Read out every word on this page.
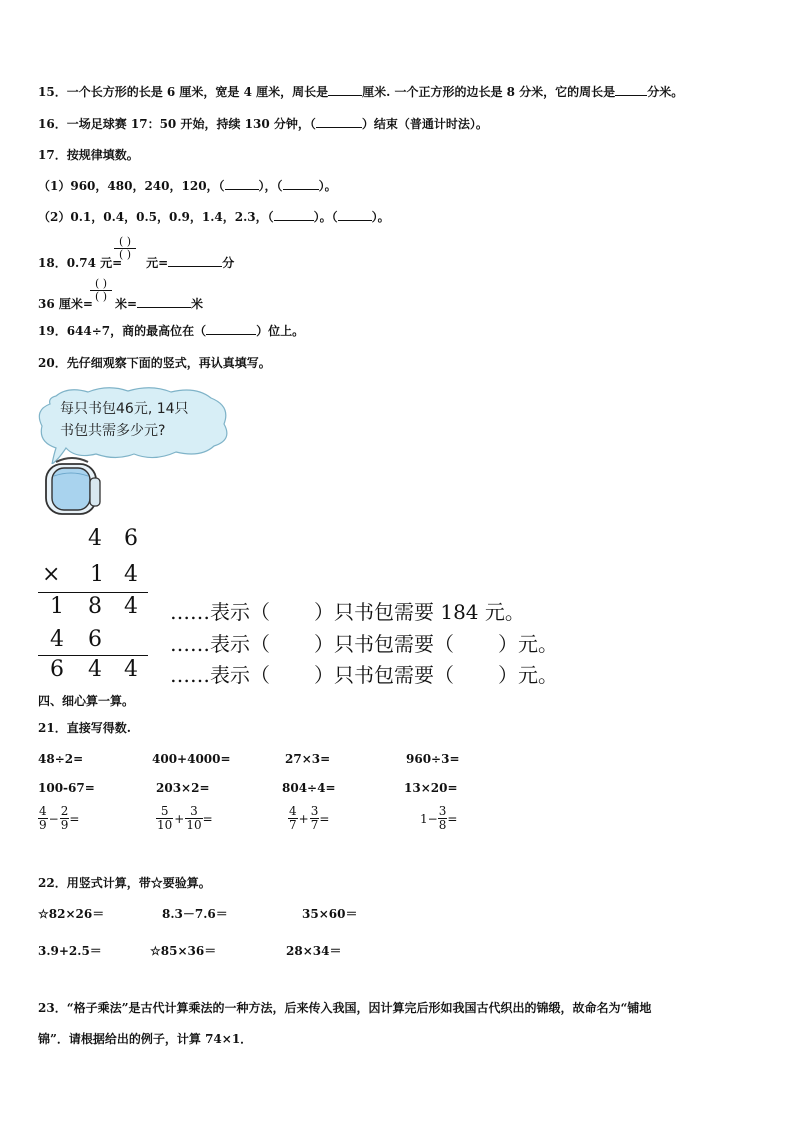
15．一个长方形的长是 6 厘米，宽是 4 厘米，周长是	厘米. 一个正方形的边长是 8 分米，它的周长是	分米。
16．一场足球赛 17：50 开始，持续 130 分钟，（	）结束（普通计时法）。
17．按规律填数。
（1）960，480，240，120，（	），（	）。
（2）0.1，0.4，0.5，0.9，1.4，2.3，（	）。（	）。
( )
( )
18．0.74 元= 元=	分
( )
( )
36 厘米= 米=	米
19．644÷7，商的最高位在（	）位上。
20．先仔细观察下面的竖式，再认真填写。
每只书包46元, 14只
书包共需多少元?
4 6
× 1 4
1 8 4
4 6
6 4 4
……表示（ ）只书包需要 184 元。
……表示（ ）只书包需要（ ）元。
……表示（ ）只书包需要（ ）元。
四、细心算一算。
21．直接写得数.
48÷2=	400+4000=	27×3=	960÷3=
100-67=	203×2=	804÷4=	13×20=
$\frac{4}{9} - \frac{2}{9}$ =	$\frac{5}{10} + \frac{3}{10}$ =	$\frac{4}{7} + \frac{3}{7}$ =	$1- \frac{3}{8}$ =
22．用竖式计算，带☆要验算。
☆82×26＝	8.3－7.6＝	35×60＝
3.9+2.5＝	☆85×36＝	28×34＝
23．“格子乘法”是古代计算乘法的一种方法，后来传入我国，因计算完后形如我国古代织出的锦缎，故命名为“铺地
锦”．请根据给出的例子，计算 74×1．
